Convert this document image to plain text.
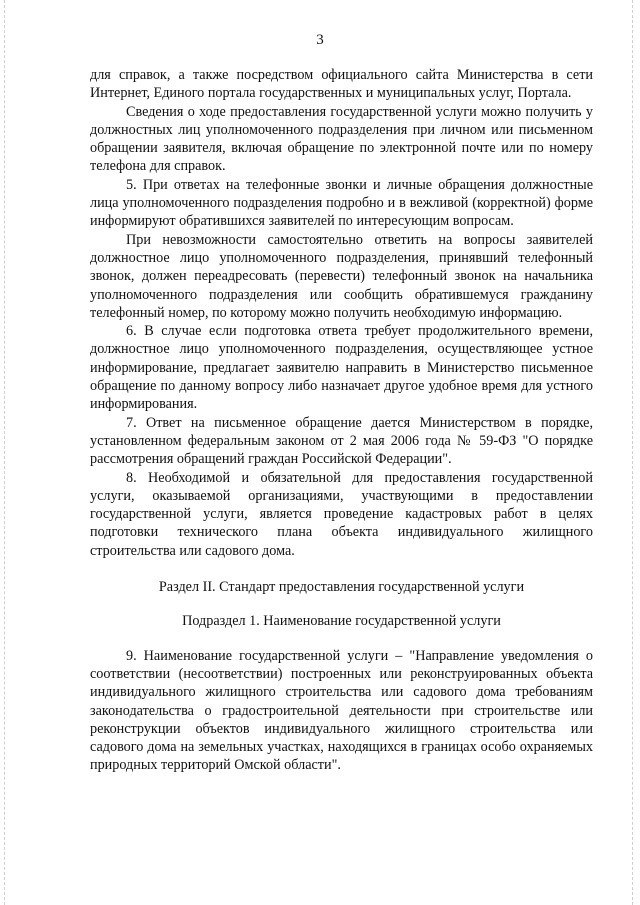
3

для справок, а также посредством официального сайта Министерства в сети Интернет, Единого портала государственных и муниципальных услуг, Портала.

Сведения о ходе предоставления государственной услуги можно получить у должностных лиц уполномоченного подразделения при личном или письменном обращении заявителя, включая обращение по электронной почте или по номеру телефона для справок.

5. При ответах на телефонные звонки и личные обращения должностные лица уполномоченного подразделения подробно и в вежливой (корректной) форме информируют обратившихся заявителей по интересующим вопросам.

При невозможности самостоятельно ответить на вопросы заявителей должностное лицо уполномоченного подразделения, принявший телефонный звонок, должен переадресовать (перевести) телефонный звонок на начальника уполномоченного подразделения или сообщить обратившемуся гражданину телефонный номер, по которому можно получить необходимую информацию.

6. В случае если подготовка ответа требует продолжительного времени, должностное лицо уполномоченного подразделения, осуществляющее устное информирование, предлагает заявителю направить в Министерство письменное обращение по данному вопросу либо назначает другое удобное время для устного информирования.

7. Ответ на письменное обращение дается Министерством в порядке, установленном федеральным законом от 2 мая 2006 года № 59-ФЗ "О порядке рассмотрения обращений граждан Российской Федерации".

8. Необходимой и обязательной для предоставления государственной услуги, оказываемой организациями, участвующими в предоставлении государственной услуги, является проведение кадастровых работ в целях подготовки технического плана объекта индивидуального жилищного строительства или садового дома.

Раздел II. Стандарт предоставления государственной услуги

Подраздел 1. Наименование государственной услуги

9. Наименование государственной услуги – "Направление уведомления о соответствии (несоответствии) построенных или реконструированных объекта индивидуального жилищного строительства или садового дома требованиям законодательства о градостроительной деятельности при строительстве или реконструкции объектов индивидуального жилищного строительства или садового дома на земельных участках, находящихся в границах особо охраняемых природных территорий Омской области".
